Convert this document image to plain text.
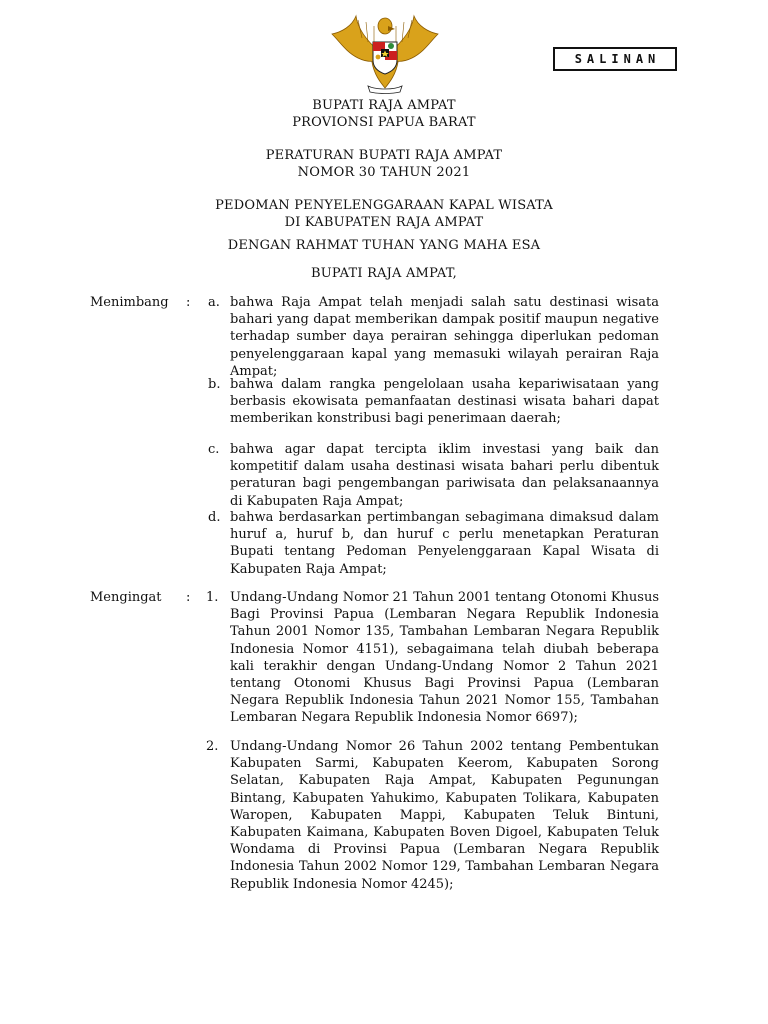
SALINAN
BUPATI RAJA AMPAT
PROVIONSI PAPUA BARAT
PERATURAN BUPATI RAJA AMPAT
NOMOR 30 TAHUN 2021
PEDOMAN PENYELENGGARAAN KAPAL WISATA
DI KABUPATEN RAJA AMPAT
DENGAN RAHMAT TUHAN YANG MAHA ESA
BUPATI RAJA AMPAT,
Menimbang : a. bahwa Raja Ampat telah menjadi salah satu destinasi wisata bahari yang dapat memberikan dampak positif maupun negative terhadap sumber daya perairan sehingga diperlukan pedoman penyelenggaraan kapal yang memasuki wilayah perairan Raja Ampat;

b. bahwa dalam rangka pengelolaan usaha kepariwisataan yang berbasis ekowisata pemanfaatan destinasi wisata bahari dapat memberikan konstribusi bagi penerimaan daerah;

c. bahwa agar dapat tercipta iklim investasi yang baik dan kompetitif dalam usaha destinasi wisata bahari perlu dibentuk peraturan bagi pengembangan pariwisata dan pelaksanaannya di Kabupaten Raja Ampat;

d. bahwa berdasarkan pertimbangan sebagimana dimaksud dalam huruf a, huruf b, dan huruf c perlu menetapkan Peraturan Bupati tentang Pedoman Penyelenggaraan Kapal Wisata di Kabupaten Raja Ampat;

Mengingat : 1. Undang-Undang Nomor 21 Tahun 2001 tentang Otonomi Khusus Bagi Provinsi Papua (Lembaran Negara Republik Indonesia Tahun 2001 Nomor 135, Tambahan Lembaran Negara Republik Indonesia Nomor 4151), sebagaimana telah diubah beberapa kali terakhir dengan Undang-Undang Nomor 2 Tahun 2021 tentang Otonomi Khusus Bagi Provinsi Papua (Lembaran Negara Republik Indonesia Tahun 2021 Nomor 155, Tambahan Lembaran Negara Republik Indonesia Nomor 6697);

2. Undang-Undang Nomor 26 Tahun 2002 tentang Pembentukan Kabupaten Sarmi, Kabupaten Keerom, Kabupaten Sorong Selatan, Kabupaten Raja Ampat, Kabupaten Pegunungan Bintang, Kabupaten Yahukimo, Kabupaten Tolikara, Kabupaten Waropen, Kabupaten Mappi, Kabupaten Teluk Bintuni, Kabupaten Kaimana, Kabupaten Boven Digoel, Kabupaten Teluk Wondama di Provinsi Papua (Lembaran Negara Republik Indonesia Tahun 2002 Nomor 129, Tambahan Lembaran Negara Republik Indonesia Nomor 4245);
